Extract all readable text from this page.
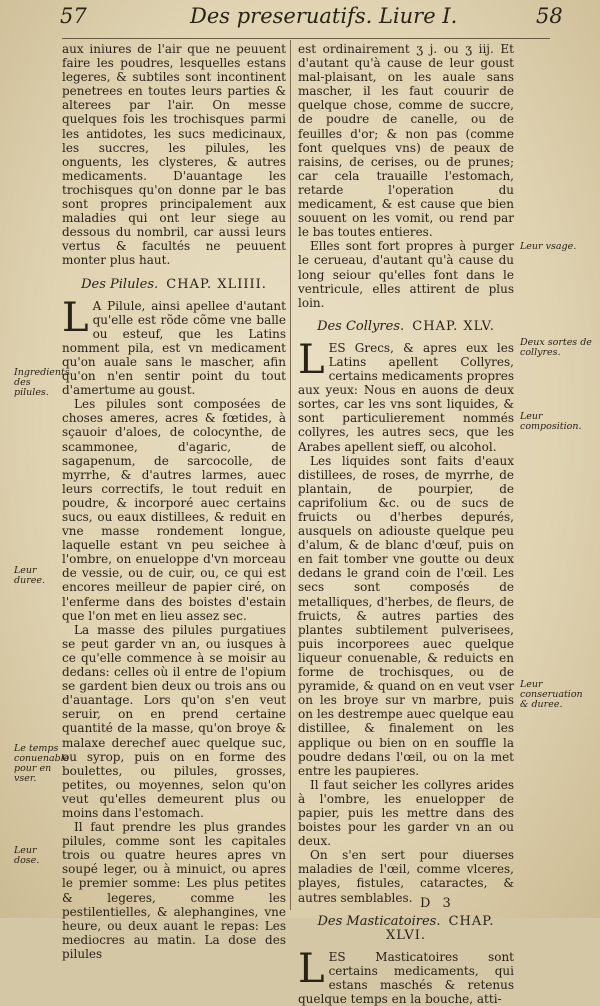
57	Des preseruatifs. Liure I.	58

aux iniures de l'air que ne peuuent faire les poudres, lesquelles estans legeres, & subtiles sont incontinent penetrees en toutes leurs parties & alterees par l'air. On messe quelques fois les trochisques parmi les antidotes, les sucs medicinaux, les succres, les pilules, les onguents, les clysteres, & autres medicaments. D'auantage les trochisques qu'on donne par le bas sont propres principalement aux maladies qui ont leur siege au dessous du nombril, car aussi leurs vertus & facultés ne peuuent monter plus haut.

Des Pilules. CHAP. XLIIII.

L A Pilule, ainsi apellee d'autant qu'elle est rõde cõme vne balle ou esteuf, que les Latins nomment pila, est vn medicament qu'on auale sans le mascher, afin qu'on n'en sentir point du tout d'amertume au goust.

Les pilules sont composées de choses ameres, acres & fœtides, à sçauoir d'aloes, de colocynthe, de scammonee, d'agaric, de sagapenum, de sarcocolle, de myrrhe, & d'autres larmes, auec leurs correctifs, le tout reduit en poudre, & incorporé auec certains sucs, ou eaux distillees, & reduit en vne masse rondement longue, laquelle estant vn peu seichee à l'ombre, on enueloppe d'vn morceau de vessie, ou de cuir, ou, ce qui est encores meilleur de papier ciré, on l'enferme dans des boistes d'estain que l'on met en lieu assez sec.

La masse des pilules purgatiues se peut garder vn an, ou iusques à ce qu'elle commence à se moisir au dedans: celles où il entre de l'opium se gardent bien deux ou trois ans ou d'auantage. Lors qu'on s'en veut seruir, on en prend certaine quantité de la masse, qu'on broye & malaxe derechef auec quelque suc, ou syrop, puis on en forme des boulettes, ou pilules, grosses, petites, ou moyennes, selon qu'on veut qu'elles demeurent plus ou moins dans l'estomach.

Il faut prendre les plus grandes pilules, comme sont les capitales trois ou quatre heures apres vn soupé leger, ou à minuict, ou apres le premier somme: Les plus petites & legeres, comme les pestilentielles, & alephangines, vne heure, ou deux auant le repas: Les mediocres au matin. La dose des pilules

est ordinairement ʒ j. ou ʒ iij. Et d'autant qu'à cause de leur goust mal-plaisant, on les auale sans mascher, il les faut couurir de quelque chose, comme de succre, de poudre de canelle, ou de feuilles d'or; & non pas (comme font quelques vns) de peaux de raisins, de cerises, ou de prunes; car cela trauaille l'estomach, retarde l'operation du medicament, & est cause que bien souuent on les vomit, ou rend par le bas toutes entieres.

Elles sont fort propres à purger le cerueau, d'autant qu'à cause du long seiour qu'elles font dans le ventricule, elles attirent de plus loin.

Des Collyres. CHAP. XLV.

LES Grecs, & apres eux les Latins apellent Collyres, certains medicaments propres aux yeux: Nous en auons de deux sortes, car les vns sont liquides, & sont particulierement nommés collyres, les autres secs, que les Arabes apellent sieff, ou alcohol.

Les liquides sont faits d'eaux distillees, de roses, de myrrhe, de plantain, de pourpier, de caprifolium &c. ou de sucs de fruicts ou d'herbes depurés, ausquels on adiouste quelque peu d'alum, & de blanc d'œuf, puis on en fait tomber vne goutte ou deux dedans le grand coin de l'œil. Les secs sont composés de metalliques, d'herbes, de fleurs, de fruicts, & autres parties des plantes subtilement pulverisees, puis incorporees auec quelque liqueur conuenable, & reduicts en forme de trochisques, ou de pyramide, & quand on en veut vser on les broye sur vn marbre, puis on les destrempe auec quelque eau distillee, & finalement on les applique ou bien on en souffle la poudre dedans l'œil, ou on la met entre les paupieres.

Il faut seicher les collyres arides à l'ombre, les enuelopper de papier, puis les mettre dans des boistes pour les garder vn an ou deux.

On s'en sert pour diuerses maladies de l'œil, comme vlceres, playes, fistules, cataractes, & autres semblables.

Des Masticatoires. CHAP. XLVI.

LES Masticatoires sont certains medicaments, qui estans maschés & retenus quelque temps en la bouche, atti-

Ingredients des pilules.
Leur duree.
Le temps conuenable pour en vser.
Leur dose.
Leur vsage.
Deux sortes de collyres.
Leur composition.
Leur conseruation & duree.
D 3
